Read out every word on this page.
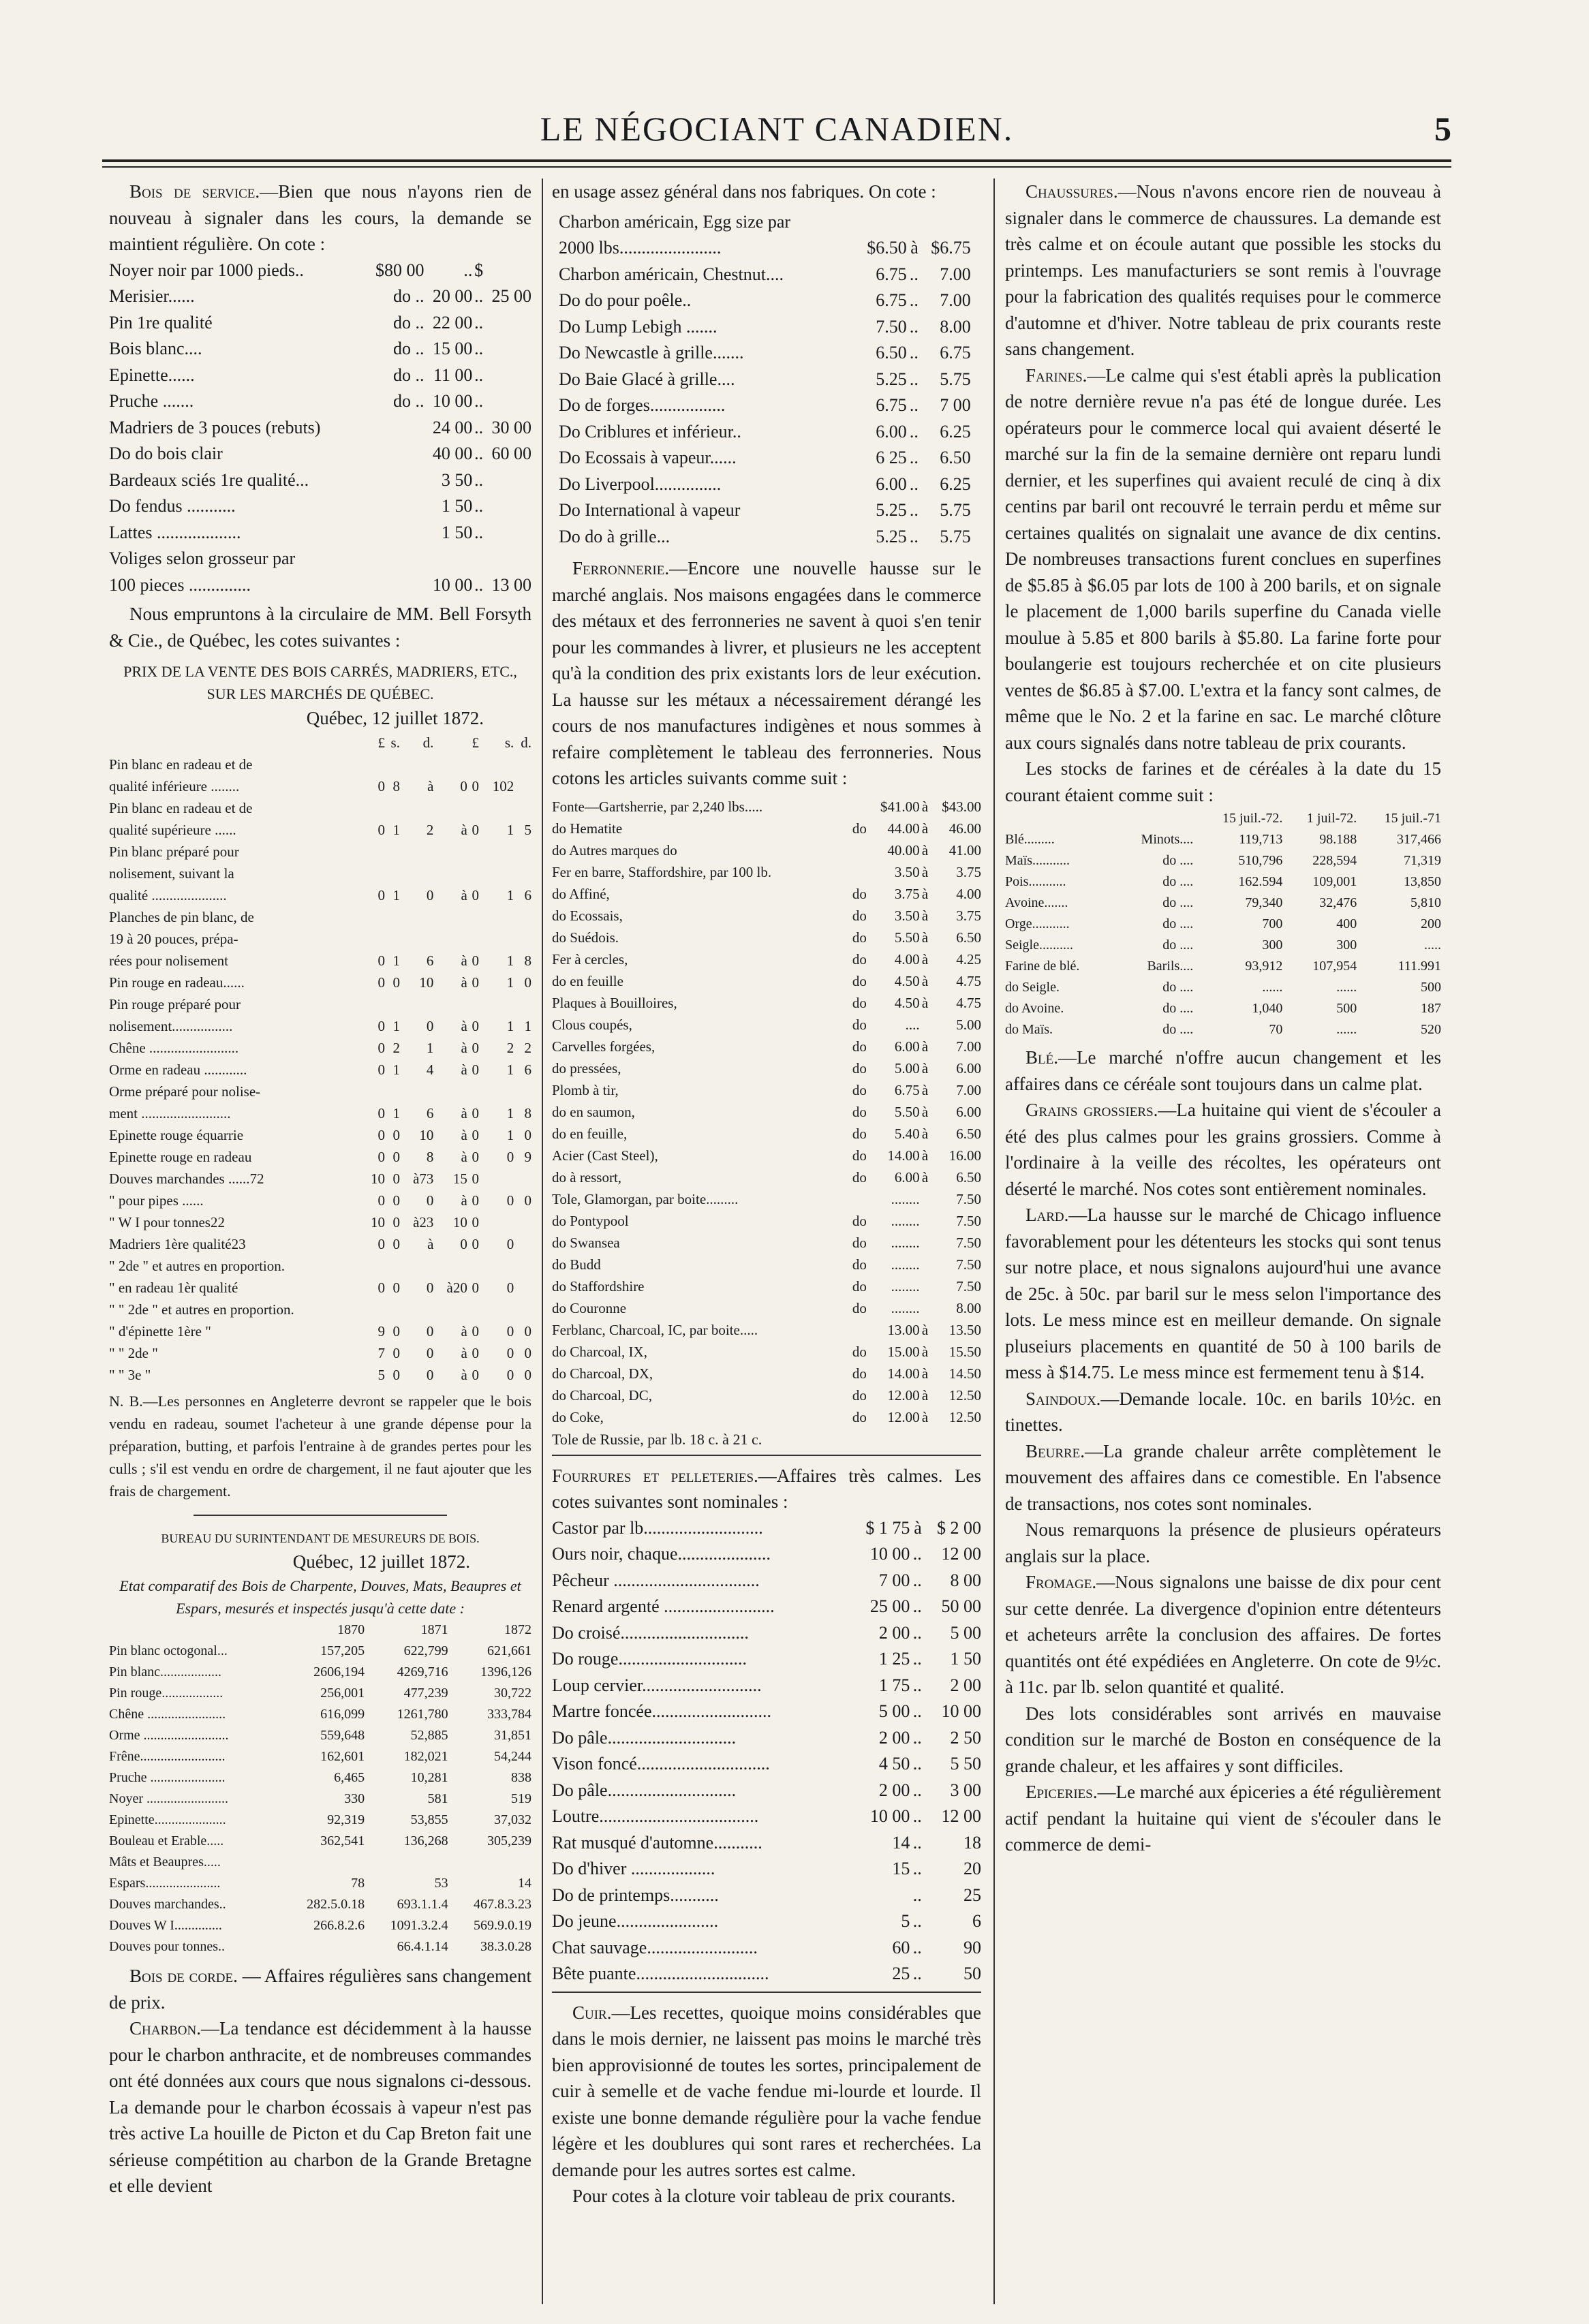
LE NÉGOCIANT CANADIEN.	5

Bois de service.—Bien que nous n'ayons rien de nouveau à signaler dans les cours, la demande se maintient régulière. On cote :

Noyer noir par 1000 pieds..	$80 00	..	$	
Merisier......	do ..	20 00	..	25 00
Pin 1re qualité	do ..	22 00	..	
Bois blanc....	do ..	15 00	..	
Epinette......	do ..	11 00	..	
Pruche .......	do ..	10 00	..	
Madriers de 3 pouces (rebuts)		24 00	..	30 00
Do do bois clair		40 00	..	60 00
Bardeaux sciés 1re qualité...		3 50	..	
Do fendus ...........		1 50	..	
Lattes ...................		1 50	..	
Voliges selon grosseur par			
100 pieces ..............		10 00	..	13 00

Nous empruntons à la circulaire de MM. Bell Forsyth & Cie., de Québec, les cotes suivantes :

PRIX DE LA VENTE DES BOIS CARRÉS, MADRIERS, ETC., SUR LES MARCHÉS DE QUÉBEC.
Québec, 12 juillet 1872.
	£	s.	d.		£	s.	d.
Pin blanc en radeau et de						
qualité inférieure ........	0	8	à	0	0	102	
Pin blanc en radeau et de						
qualité supérieure ......	0	1	2	à	0	1	5
Pin blanc préparé pour						
nolisement, suivant la						
qualité .....................	0	1	0	à	0	1	6
Planches de pin blanc, de						
19 à 20 pouces, prépa-						
rées pour nolisement	0	1	6	à	0	1	8
Pin rouge en radeau......	0	0	10	à	0	1	0
Pin rouge préparé pour						
nolisement.................	0	1	0	à	0	1	1
Chêne .........................	0	2	1	à	0	2	2
Orme en radeau ............	0	1	4	à	0	1	6
Orme préparé pour nolise-						
ment .........................	0	1	6	à	0	1	8
Epinette rouge équarrie	0	0	10	à	0	1	0
Epinette rouge en radeau	0	0	8	à	0	0	9
Douves marchandes ......72	10	0	à73	15	0		
" pour pipes ......	0	0	0	à	0	0	0
" W I pour tonnes22	10	0	à23	10	0		
Madriers 1ère qualité23	0	0	à	0	0	0	
" 2de " et autres en proportion.						
" en radeau 1èr qualité	0	0	0	à20	0	0	
" " 2de " et autres en proportion.						
" d'épinette 1ère "	9	0	0	à	0	0	0
" " 2de "	7	0	0	à	0	0	0
" " 3e "	5	0	0	à	0	0	0

N. B.—Les personnes en Angleterre devront se rappeler que le bois vendu en radeau, soumet l'acheteur à une grande dépense pour la préparation, butting, et parfois l'entraine à de grandes pertes pour les culls ; s'il est vendu en ordre de chargement, il ne faut ajouter que les frais de chargement.

BUREAU DU SURINTENDANT DE MESUREURS DE BOIS.
Québec, 12 juillet 1872.

Etat comparatif des Bois de Charpente, Douves, Mats, Beaupres et Espars, mesurés et inspectés jusqu'à cette date :

	1870	1871	1872
Pin blanc octogonal...	157,205	622,799	621,661
Pin blanc..................	2606,194	4269,716	1396,126
Pin rouge..................	256,001	477,239	30,722
Chêne .......................	616,099	1261,780	333,784
Orme .........................	559,648	52,885	31,851
Frêne.........................	162,601	182,021	54,244
Pruche ......................	6,465	10,281	838
Noyer ........................	330	581	519
Epinette.....................	92,319	53,855	37,032
Bouleau et Erable.....	362,541	136,268	305,239
Mâts et Beaupres.....		
Espars......................	78	53	14
Douves marchandes..	282.5.0.18	693.1.1.4	467.8.3.23
Douves W I..............	266.8.2.6	1091.3.2.4	569.9.0.19
Douves pour tonnes..		66.4.1.14	38.3.0.28

Bois de corde. — Affaires régulières sans changement de prix.

Charbon.—La tendance est décidemment à la hausse pour le charbon anthracite, et de nombreuses commandes ont été données aux cours que nous signalons ci-dessous. La demande pour le charbon écossais à vapeur n'est pas très active La houille de Picton et du Cap Breton fait une sérieuse compétition au charbon de la Grande Bretagne et elle devient

en usage assez général dans nos fabriques. On cote :

Charbon américain, Egg size par		
2000 lbs.......................	$6.50	à	$6.75
Charbon américain, Chestnut....	6.75	..	7.00
Do do pour poêle..	6.75	..	7.00
Do Lump Lebigh .......	7.50	..	8.00
Do Newcastle à grille.......	6.50	..	6.75
Do Baie Glacé à grille....	5.25	..	5.75
Do de forges.................	6.75	..	7 00
Do Criblures et inférieur..	6.00	..	6.25
Do Ecossais à vapeur......	6 25	..	6.50
Do Liverpool...............	6.00	..	6.25
Do International à vapeur	5.25	..	5.75
Do do à grille...	5.25	..	5.75

Ferronnerie.—Encore une nouvelle hausse sur le marché anglais. Nos maisons engagées dans le commerce des métaux et des ferronneries ne savent à quoi s'en tenir pour les commandes à livrer, et plusieurs ne les acceptent qu'à la condition des prix existants lors de leur exécution. La hausse sur les métaux a nécessairement dérangé les cours de nos manufactures indigènes et nous sommes à refaire complètement le tableau des ferronneries. Nous cotons les articles suivants comme suit :

Fonte—Gartsherrie, par 2,240 lbs.....		$41.00	à	$43.00
do Hematite	do	44.00	à	46.00
do Autres marques do		40.00	à	41.00
Fer en barre, Staffordshire, par 100 lb.		3.50	à	3.75
do Affiné,	do	3.75	à	4.00
do Ecossais,	do	3.50	à	3.75
do Suédois.	do	5.50	à	6.50
Fer à cercles,	do	4.00	à	4.25
do en feuille	do	4.50	à	4.75
Plaques à Bouilloires,	do	4.50	à	4.75
Clous coupés,	do	....		5.00
Carvelles forgées,	do	6.00	à	7.00
do pressées,	do	5.00	à	6.00
Plomb à tir,	do	6.75	à	7.00
do en saumon,	do	5.50	à	6.00
do en feuille,	do	5.40	à	6.50
Acier (Cast Steel),	do	14.00	à	16.00
do à ressort,	do	6.00	à	6.50
Tole, Glamorgan, par boite.........		........		7.50
do Pontypool	do	........		7.50
do Swansea	do	........		7.50
do Budd	do	........		7.50
do Staffordshire	do	........		7.50
do Couronne	do	........		8.00
Ferblanc, Charcoal, IC, par boite.....		13.00	à	13.50
do Charcoal, IX,	do	15.00	à	15.50
do Charcoal, DX,	do	14.00	à	14.50
do Charcoal, DC,	do	12.00	à	12.50
do Coke,	do	12.00	à	12.50
Tole de Russie, par lb. 18 c. à 21 c.

Fourrures et pelleteries.—Affaires très calmes. Les cotes suivantes sont nominales :

Castor par lb...........................	$ 1 75	à	$ 2 00
Ours noir, chaque.....................	10 00	..	12 00
Pêcheur .................................	7 00	..	8 00
Renard argenté .........................	25 00	..	50 00
Do croisé.............................	2 00	..	5 00
Do rouge.............................	1 25	..	1 50
Loup cervier...........................	1 75	..	2 00
Martre foncée...........................	5 00	..	10 00
Do pâle.............................	2 00	..	2 50
Vison foncé..............................	4 50	..	5 50
Do pâle.............................	2 00	..	3 00
Loutre....................................	10 00	..	12 00
Rat musqué d'automne...........	14	..	18
Do d'hiver ...................	15	..	20
Do de printemps...........		..	25
Do jeune.......................	5	..	6
Chat sauvage.........................	60	..	90
Bête puante..............................	25	..	50

Cuir.—Les recettes, quoique moins considérables que dans le mois dernier, ne laissent pas moins le marché très bien approvisionné de toutes les sortes, principalement de cuir à semelle et de vache fendue mi-lourde et lourde. Il existe une bonne demande régulière pour la vache fendue légère et les doublures qui sont rares et recherchées. La demande pour les autres sortes est calme.

Pour cotes à la cloture voir tableau de prix courants.

Chaussures.—Nous n'avons encore rien de nouveau à signaler dans le commerce de chaussures. La demande est très calme et on écoule autant que possible les stocks du printemps. Les manufacturiers se sont remis à l'ouvrage pour la fabrication des qualités requises pour le commerce d'automne et d'hiver. Notre tableau de prix courants reste sans changement.

Farines.—Le calme qui s'est établi après la publication de notre dernière revue n'a pas été de longue durée. Les opérateurs pour le commerce local qui avaient déserté le marché sur la fin de la semaine dernière ont reparu lundi dernier, et les superfines qui avaient reculé de cinq à dix centins par baril ont recouvré le terrain perdu et même sur certaines qualités on signalait une avance de dix centins. De nombreuses transactions furent conclues en superfines de $5.85 à $6.05 par lots de 100 à 200 barils, et on signale le placement de 1,000 barils superfine du Canada vielle moulue à 5.85 et 800 barils à $5.80. La farine forte pour boulangerie est toujours recherchée et on cite plusieurs ventes de $6.85 à $7.00. L'extra et la fancy sont calmes, de même que le No. 2 et la farine en sac. Le marché clôture aux cours signalés dans notre tableau de prix courants.

Les stocks de farines et de céréales à la date du 15 courant étaient comme suit :

		15 juil.-72.	1 juil-72.	15 juil.-71
Blé.........	Minots....	119,713	98.188	317,466
Maïs...........	do ....	510,796	228,594	71,319
Pois...........	do ....	162.594	109,001	13,850
Avoine.......	do ....	79,340	32,476	5,810
Orge...........	do ....	700	400	200
Seigle..........	do ....	300	300	.....
Farine de blé.	Barils....	93,912	107,954	111.991
do Seigle.	do ....	......	......	500
do Avoine.	do ....	1,040	500	187
do Maïs.	do ....	70	......	520

Blé.—Le marché n'offre aucun changement et les affaires dans ce céréale sont toujours dans un calme plat.

Grains grossiers.—La huitaine qui vient de s'écouler a été des plus calmes pour les grains grossiers. Comme à l'ordinaire à la veille des récoltes, les opérateurs ont déserté le marché. Nos cotes sont entièrement nominales.

Lard.—La hausse sur le marché de Chicago influence favorablement pour les détenteurs les stocks qui sont tenus sur notre place, et nous signalons aujourd'hui une avance de 25c. à 50c. par baril sur le mess selon l'importance des lots. Le mess mince est en meilleur demande. On signale pluseiurs placements en quantité de 50 à 100 barils de mess à $14.75. Le mess mince est fermement tenu à $14.

Saindoux.—Demande locale. 10c. en barils 10½c. en tinettes.

Beurre.—La grande chaleur arrête complètement le mouvement des affaires dans ce comestible. En l'absence de transactions, nos cotes sont nominales.

Nous remarquons la présence de plusieurs opérateurs anglais sur la place.

Fromage.—Nous signalons une baisse de dix pour cent sur cette denrée. La divergence d'opinion entre détenteurs et acheteurs arrête la conclusion des affaires. De fortes quantités ont été expédiées en Angleterre. On cote de 9½c. à 11c. par lb. selon quantité et qualité.

Des lots considérables sont arrivés en mauvaise condition sur le marché de Boston en conséquence de la grande chaleur, et les affaires y sont difficiles.

Epiceries.—Le marché aux épiceries a été régulièrement actif pendant la huitaine qui vient de s'écouler dans le commerce de demi-
